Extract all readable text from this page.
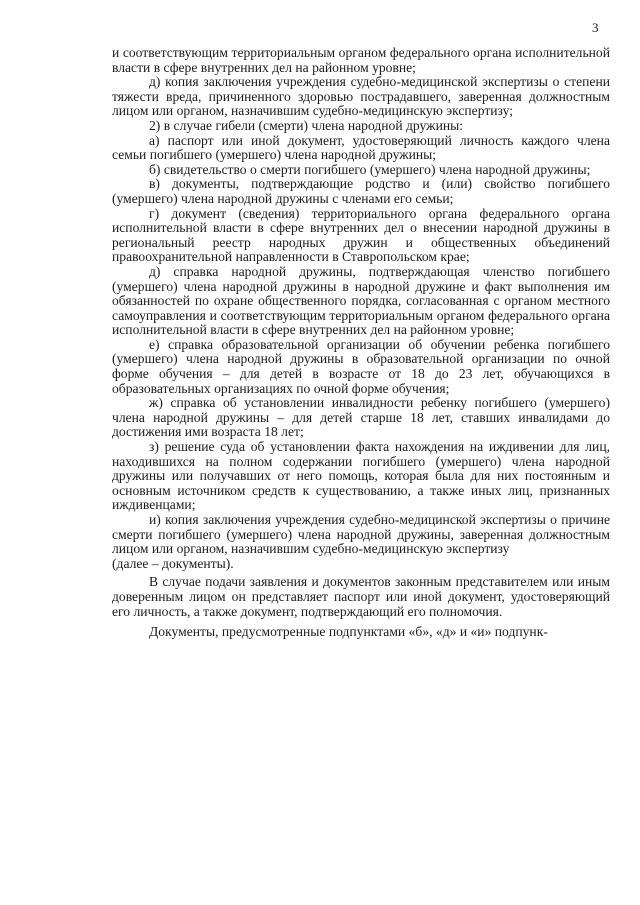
3

и соответствующим территориальным органом федерального органа исполнительной власти в сфере внутренних дел на районном уровне;

д) копия заключения учреждения судебно-медицинской экспертизы о степени тяжести вреда, причиненного здоровью пострадавшего, заверенная должностным лицом или органом, назначившим судебно-медицинскую экспертизу;

2) в случае гибели (смерти) члена народной дружины:

а) паспорт или иной документ, удостоверяющий личность каждого члена семьи погибшего (умершего) члена народной дружины;

б) свидетельство о смерти погибшего (умершего) члена народной дружины;

в) документы, подтверждающие родство и (или) свойство погибшего (умершего) члена народной дружины с членами его семьи;

г) документ (сведения) территориального органа федерального органа исполнительной власти в сфере внутренних дел о внесении народной дружины в региональный реестр народных дружин и общественных объединений правоохранительной направленности в Ставропольском крае;

д) справка народной дружины, подтверждающая членство погибшего (умершего) члена народной дружины в народной дружине и факт выполнения им обязанностей по охране общественного порядка, согласованная с органом местного самоуправления и соответствующим территориальным органом федерального органа исполнительной власти в сфере внутренних дел на районном уровне;

е) справка образовательной организации об обучении ребенка погибшего (умершего) члена народной дружины в образовательной организации по очной форме обучения – для детей в возрасте от 18 до 23 лет, обучающихся в образовательных организациях по очной форме обучения;

ж) справка об установлении инвалидности ребенку погибшего (умершего) члена народной дружины – для детей старше 18 лет, ставших инвалидами до достижения ими возраста 18 лет;

з) решение суда об установлении факта нахождения на иждивении для лиц, находившихся на полном содержании погибшего (умершего) члена народной дружины или получавших от него помощь, которая была для них постоянным и основным источником средств к существованию, а также иных лиц, признанных иждивенцами;

и) копия заключения учреждения судебно-медицинской экспертизы о причине смерти погибшего (умершего) члена народной дружины, заверенная должностным лицом или органом, назначившим судебно-медицинскую экспертизу

(далее – документы).

В случае подачи заявления и документов законным представителем или иным доверенным лицом он представляет паспорт или иной документ, удостоверяющий его личность, а также документ, подтверждающий его полномочия.

Документы, предусмотренные подпунктами «б», «д» и «и» подпунк-
